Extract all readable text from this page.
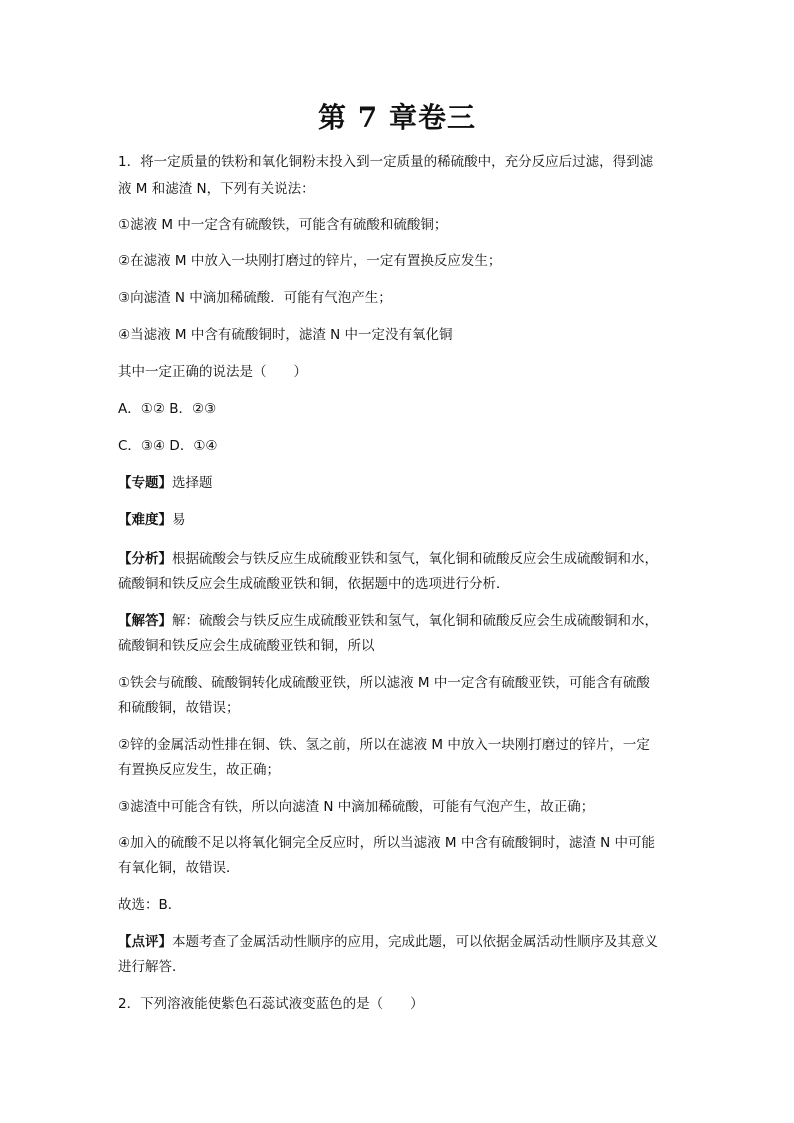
第 7 章卷三
1．将一定质量的铁粉和氧化铜粉末投入到一定质量的稀硫酸中，充分反应后过滤，得到滤
液 M 和滤渣 N，下列有关说法：
①滤液 M 中一定含有硫酸铁，可能含有硫酸和硫酸铜；
②在滤液 M 中放入一块刚打磨过的锌片，一定有置换反应发生；
③向滤渣 N 中滴加稀硫酸．可能有气泡产生；
④当滤液 M 中含有硫酸铜时，滤渣 N 中一定没有氧化铜
其中一定正确的说法是（　　）
A．①② B．②③
C．③④ D．①④
【专题】选择题
【难度】易
【分析】根据硫酸会与铁反应生成硫酸亚铁和氢气，氧化铜和硫酸反应会生成硫酸铜和水，
硫酸铜和铁反应会生成硫酸亚铁和铜，依据题中的选项进行分析．
【解答】解：硫酸会与铁反应生成硫酸亚铁和氢气，氧化铜和硫酸反应会生成硫酸铜和水，
硫酸铜和铁反应会生成硫酸亚铁和铜，所以
①铁会与硫酸、硫酸铜转化成硫酸亚铁，所以滤液 M 中一定含有硫酸亚铁，可能含有硫酸
和硫酸铜，故错误；
②锌的金属活动性排在铜、铁、氢之前，所以在滤液 M 中放入一块刚打磨过的锌片，一定
有置换反应发生，故正确；
③滤渣中可能含有铁，所以向滤渣 N 中滴加稀硫酸，可能有气泡产生，故正确；
④加入的硫酸不足以将氧化铜完全反应时，所以当滤液 M 中含有硫酸铜时，滤渣 N 中可能
有氧化铜，故错误．
故选：B．
【点评】本题考查了金属活动性顺序的应用，完成此题，可以依据金属活动性顺序及其意义
进行解答．
2．下列溶液能使紫色石蕊试液变蓝色的是（　　）
